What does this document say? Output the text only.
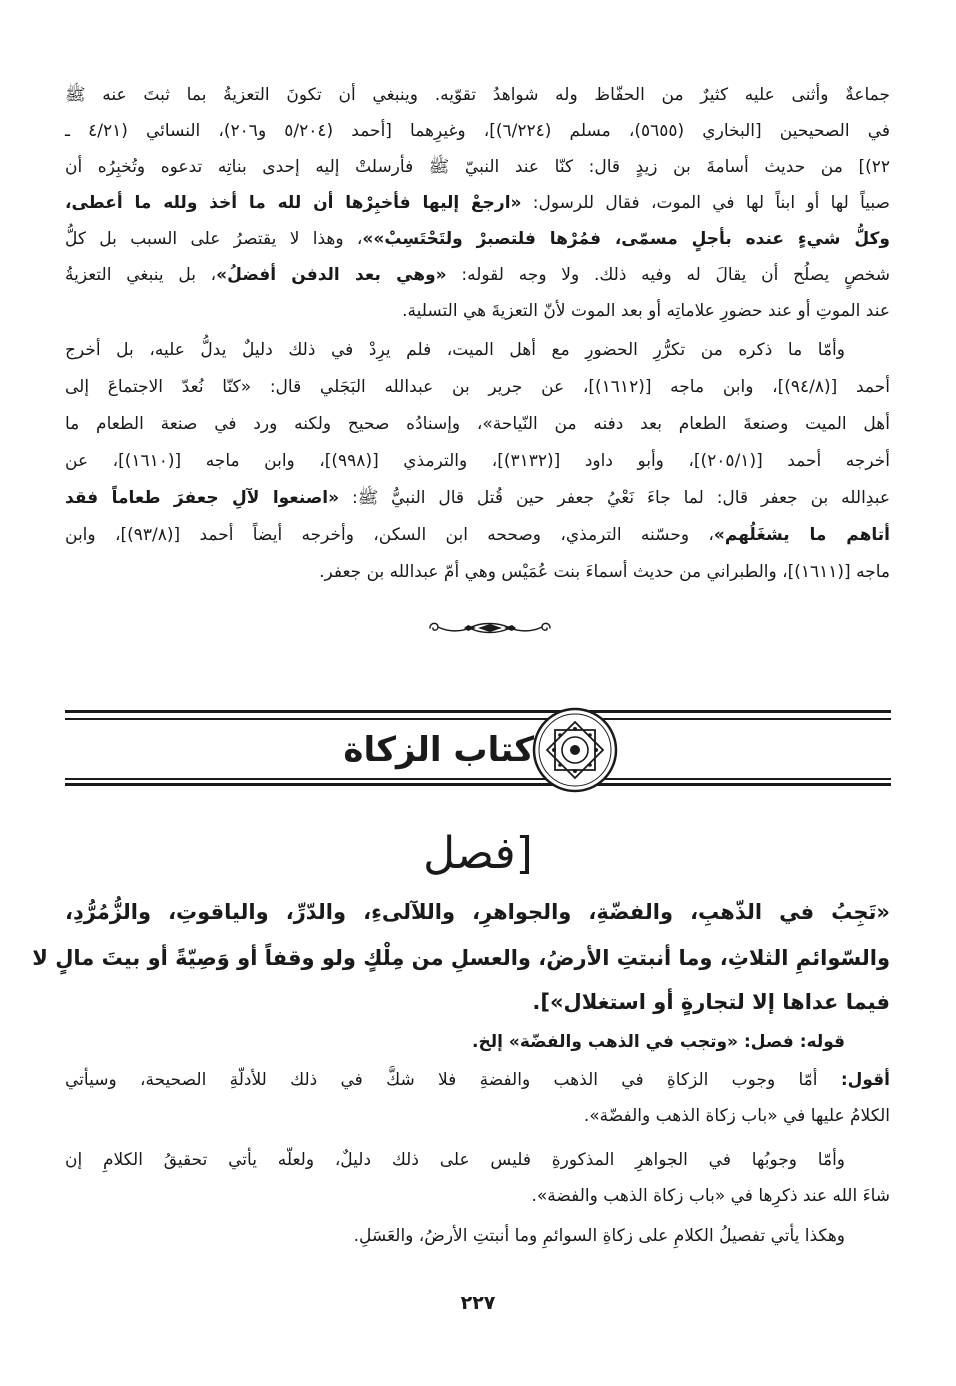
جماعةٌ وأثنى عليه كثيرٌ من الحفّاظ وله شواهدُ تقوّيه. وينبغي أن تكونَ التعزيةُ بما ثبتَ عنه ﷺ
في الصحيحين [البخاري (٥٦٥٥)، مسلم (٦/٢٢٤)]، وغيرِهما [أحمد (٥/٢٠٤ و٢٠٦)، النسائي (٤/٢١ ـ
٢٢)] من حديث أسامةَ بن زيدٍ قال: كنّا عند النبيّ ﷺ فأرسلتْ إليه إحدى بناتِه تدعوه وتُخبِرُه أن
صبياً لها أو ابناً لها في الموت، فقال للرسول: «ارجعْ إليها فأخبِرْها أن لله ما أخذ ولله ما أعطى،
وكلُّ شيءٍ عنده بأجلٍ مسمّى، فمُرْها فلتصبرْ ولتَحْتَسِبْ»»، وهذا لا يقتصرُ على السبب بل كلُّ
شخصٍ يصلُح أن يقالَ له وفيه ذلك. ولا وجه لقوله: «وهي بعد الدفن أفضلُ»، بل ينبغي التعزيةُ
عند الموتِ أو عند حضورِ علاماتِه أو بعد الموت لأنّ التعزيةَ هي التسلية.
وأمّا ما ذكره من تكرُّرِ الحضورِ مع أهل الميت، فلم يرِدْ في ذلك دليلٌ يدلُّ عليه، بل أخرج
أحمد [(٩٤/٨)]، وابن ماجه [(١٦١٢)]، عن جرير بن عبدالله البَجَلي قال: «كنّا نُعدّ الاجتماعَ إلى
أهل الميت وصنعةَ الطعام بعد دفنه من النّياحة»، وإسنادُه صحيح ولكنه ورد في صنعة الطعام ما
أخرجه أحمد [(٢٠٥/١)]، وأبو داود [(٣١٣٢)]، والترمذي [(٩٩٨)]، وابن ماجه [(١٦١٠)]، عن
عبدِالله بن جعفر قال: لما جاءَ نَعْيُ جعفر حين قُتل قال النبيُّ ﷺ: «اصنعوا لآلِ جعفرَ طعاماً فقد
أتاهم ما يشغَلُهم»، وحسّنه الترمذي، وصححه ابن السكن، وأخرجه أيضاً أحمد [(٩٣/٨)]، وابن
ماجه [(١٦١١)]، والطبراني من حديث أسماءَ بنت عُمَيْس وهي أمّ عبدالله بن جعفر.
كتاب الزكاة
[فصل
«تَجِبُ في الذّهبِ، والفضّةِ، والجواهرِ، واللآلىءِ، والدّرِّ، والياقوتِ، والزُّمُرُّدِ،
والسّوائمِ الثلاثِ، وما أنبتتِ الأرضُ، والعسلِ من مِلْكٍ ولو وقفاً أو وَصِيّةً أو بيتَ مالٍ لا
فيما عداها إلا لتجارةٍ أو استغلال»].
قوله: فصل: «وتجب في الذهب والفضّة» إلخ.
أقول: أمّا وجوب الزكاةِ في الذهب والفضةِ فلا شكَّ في ذلك للأدلّةِ الصحيحة، وسيأتي
الكلامُ عليها في «باب زكاة الذهب والفضّة».
وأمّا وجوبُها في الجواهرِ المذكورةِ فليس على ذلك دليلٌ، ولعلّه يأتي تحقيقُ الكلامِ إن
شاءَ الله عند ذكرِها في «باب زكاة الذهب والفضة».
وهكذا يأتي تفصيلُ الكلامِ على زكاةِ السوائمِ وما أنبتتِ الأرضُ، والعَسَلِ.
٢٢٧
